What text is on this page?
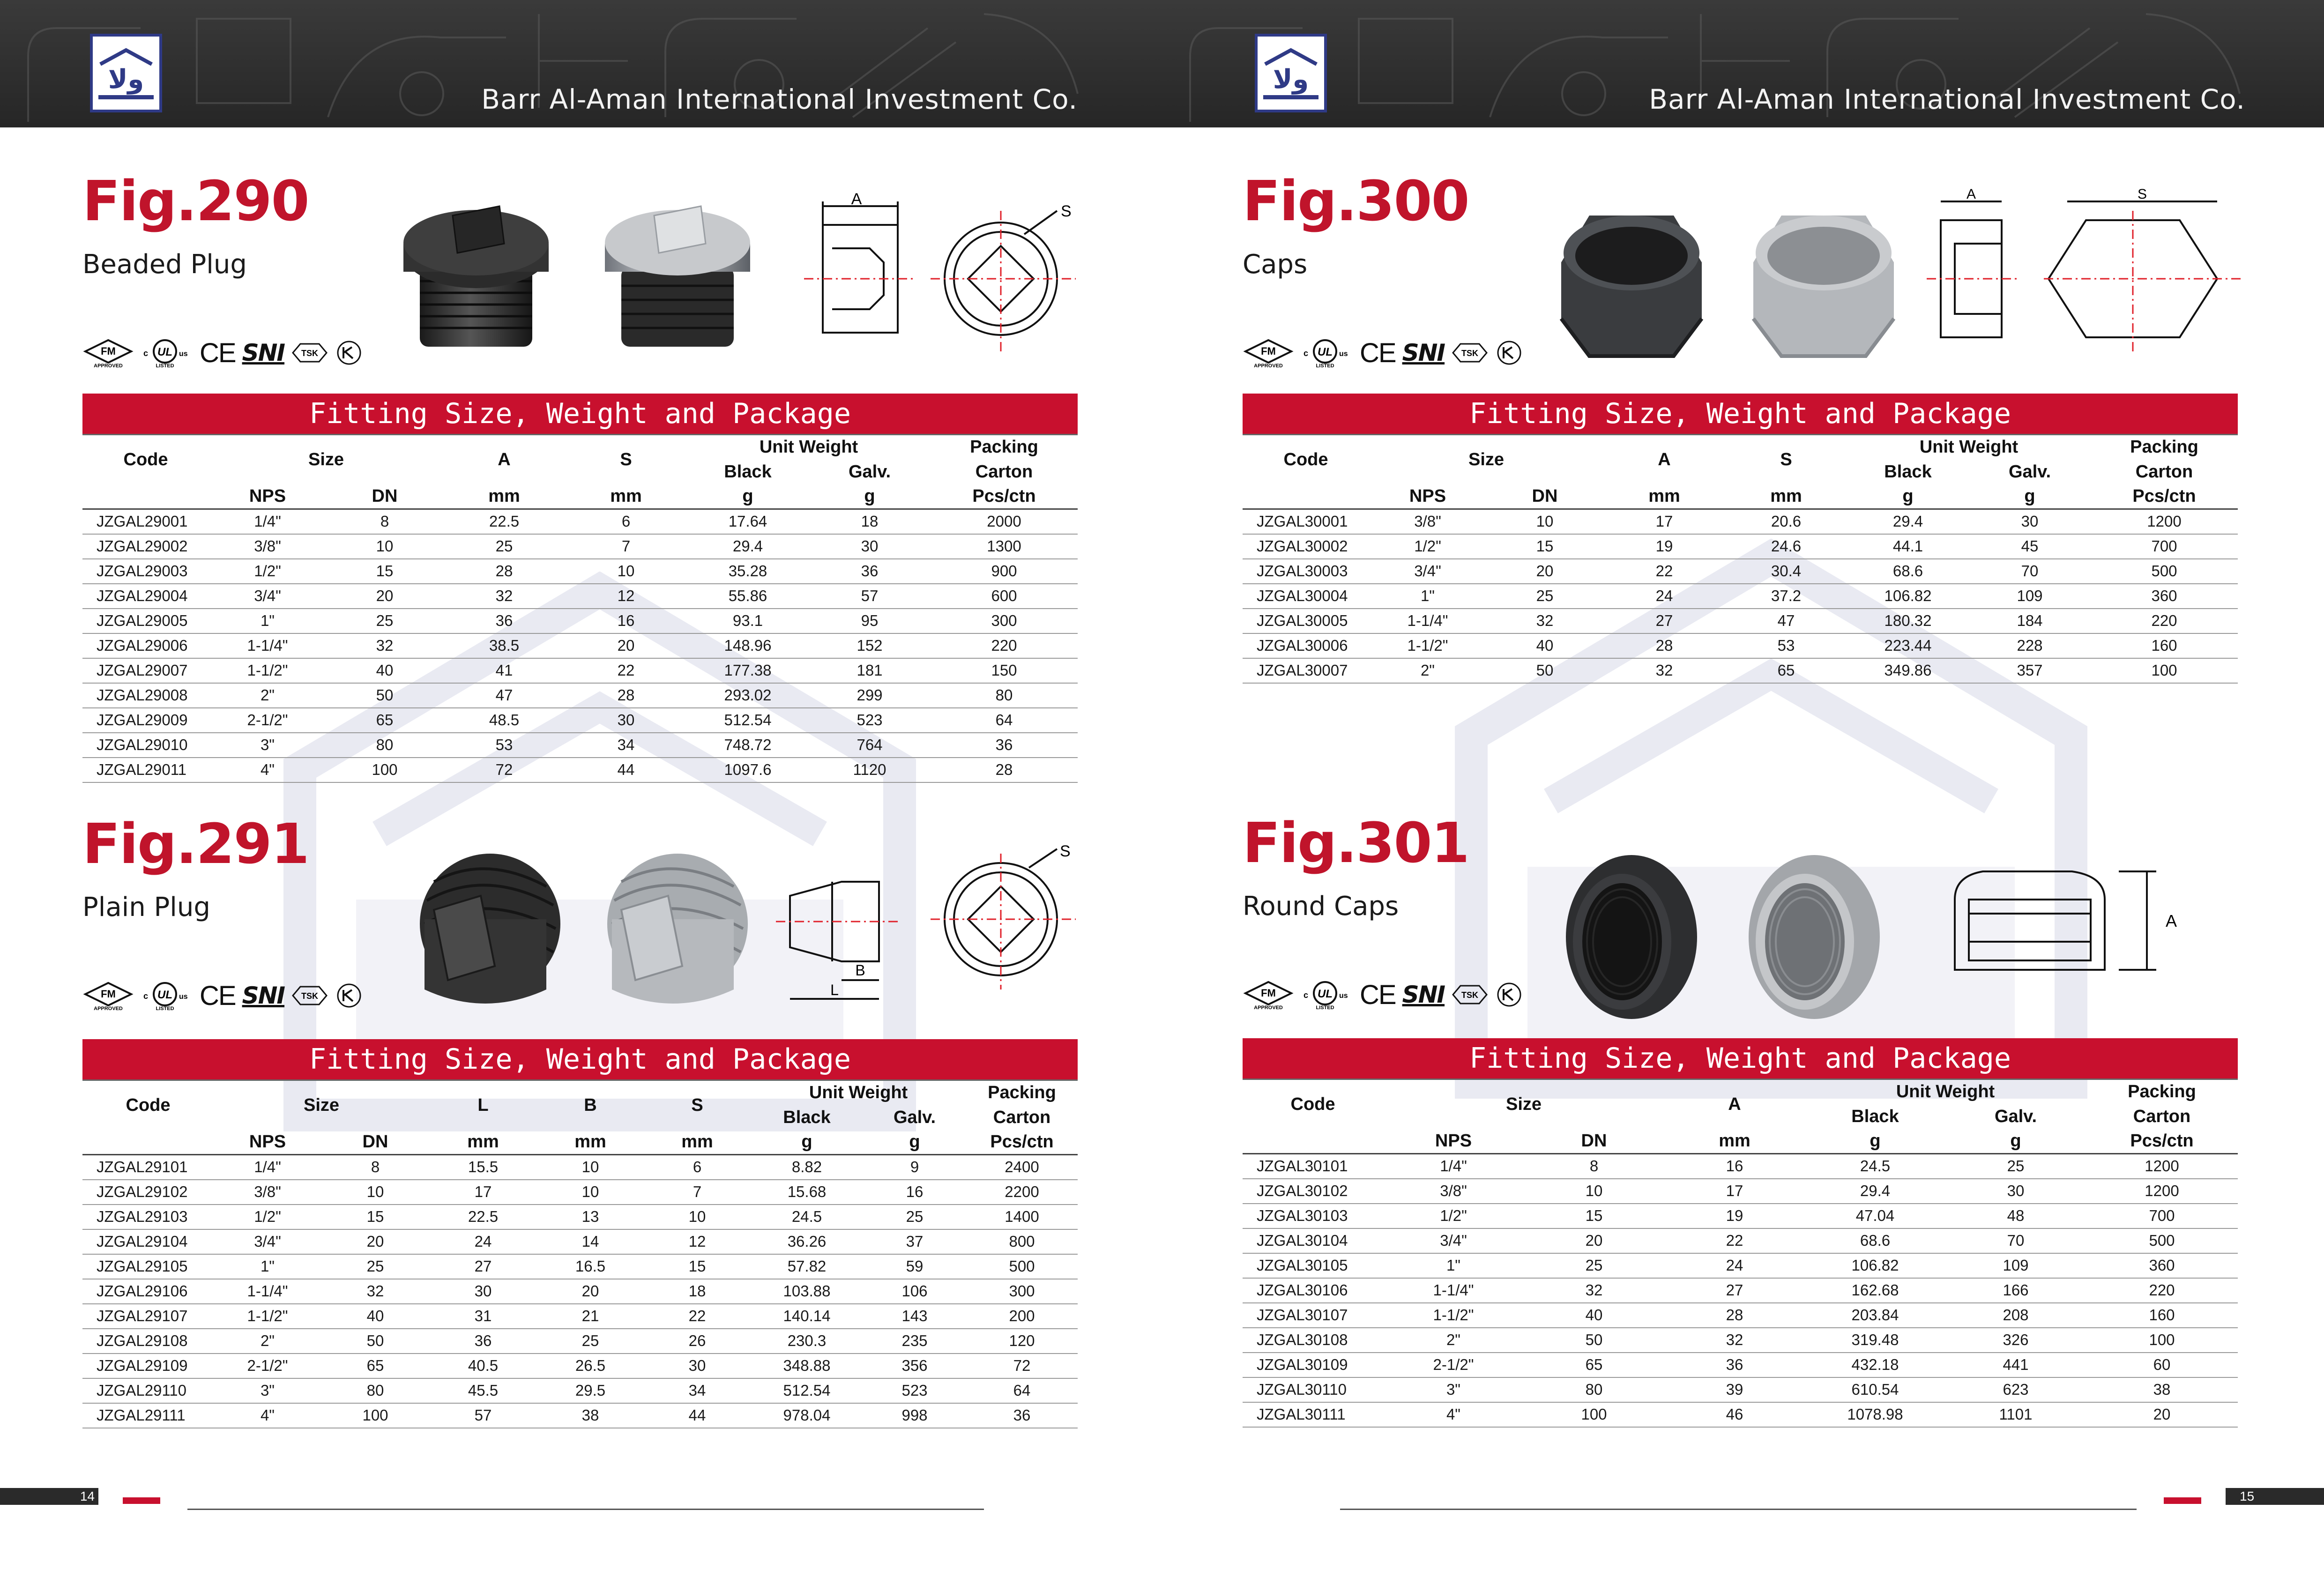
ولا
Barr Al-Aman International Investment Co.
Fig.290
Beaded Plug
FM
APPROVED
c UL us
LISTED CE SNI TSK
A
S
Fitting Size, Weight and Package
Code	Size		A	S	Unit Weight		Packing
					Black	Galv.	Carton
	NPS	DN	mm	mm	g	g	Pcs/ctn
JZGAL29001	1/4"	8	22.5	6	17.64	18	2000
JZGAL29002	3/8"	10	25	7	29.4	30	1300
JZGAL29003	1/2"	15	28	10	35.28	36	900
JZGAL29004	3/4"	20	32	12	55.86	57	600
JZGAL29005	1"	25	36	16	93.1	95	300
JZGAL29006	1-1/4"	32	38.5	20	148.96	152	220
JZGAL29007	1-1/2"	40	41	22	177.38	181	150
JZGAL29008	2"	50	47	28	293.02	299	80
JZGAL29009	2-1/2"	65	48.5	30	512.54	523	64
JZGAL29010	3"	80	53	34	748.72	764	36
JZGAL29011	4"	100	72	44	1097.6	1120	28
Fig.291
Plain Plug
FM
APPROVED
c UL us
LISTED CE SNI TSK
B
L
S
Fitting Size, Weight and Package
Code	Size		L	B	S	Unit Weight		Packing
						Black	Galv.	Carton
	NPS	DN	mm	mm	mm	g	g	Pcs/ctn
JZGAL29101	1/4"	8	15.5	10	6	8.82	9	2400
JZGAL29102	3/8"	10	17	10	7	15.68	16	2200
JZGAL29103	1/2"	15	22.5	13	10	24.5	25	1400
JZGAL29104	3/4"	20	24	14	12	36.26	37	800
JZGAL29105	1"	25	27	16.5	15	57.82	59	500
JZGAL29106	1-1/4"	32	30	20	18	103.88	106	300
JZGAL29107	1-1/2"	40	31	21	22	140.14	143	200
JZGAL29108	2"	50	36	25	26	230.3	235	120
JZGAL29109	2-1/2"	65	40.5	26.5	30	348.88	356	72
JZGAL29110	3"	80	45.5	29.5	34	512.54	523	64
JZGAL29111	4"	100	57	38	44	978.04	998	36
14
ولا
Barr Al-Aman International Investment Co.
Fig.300
Caps
FM
APPROVED
c UL us
LISTED CE SNI TSK
A	S
Fitting Size, Weight and Package
Code	Size		A	S	Unit Weight		Packing
					Black	Galv.	Carton
	NPS	DN	mm	mm	g	g	Pcs/ctn
JZGAL30001	3/8"	10	17	20.6	29.4	30	1200
JZGAL30002	1/2"	15	19	24.6	44.1	45	700
JZGAL30003	3/4"	20	22	30.4	68.6	70	500
JZGAL30004	1"	25	24	37.2	106.82	109	360
JZGAL30005	1-1/4"	32	27	47	180.32	184	220
JZGAL30006	1-1/2"	40	28	53	223.44	228	160
JZGAL30007	2"	50	32	65	349.86	357	100
Fig.301
Round Caps
FM
APPROVED
c UL us
LISTED CE SNI TSK
A
Fitting Size, Weight and Package
Code	Size		A	Unit Weight		Packing
				Black	Galv.	Carton
	NPS	DN	mm	g	g	Pcs/ctn
JZGAL30101	1/4"	8	16	24.5	25	1200
JZGAL30102	3/8"	10	17	29.4	30	1200
JZGAL30103	1/2"	15	19	47.04	48	700
JZGAL30104	3/4"	20	22	68.6	70	500
JZGAL30105	1"	25	24	106.82	109	360
JZGAL30106	1-1/4"	32	27	162.68	166	220
JZGAL30107	1-1/2"	40	28	203.84	208	160
JZGAL30108	2"	50	32	319.48	326	100
JZGAL30109	2-1/2"	65	36	432.18	441	60
JZGAL30110	3"	80	39	610.54	623	38
JZGAL30111	4"	100	46	1078.98	1101	20
15
